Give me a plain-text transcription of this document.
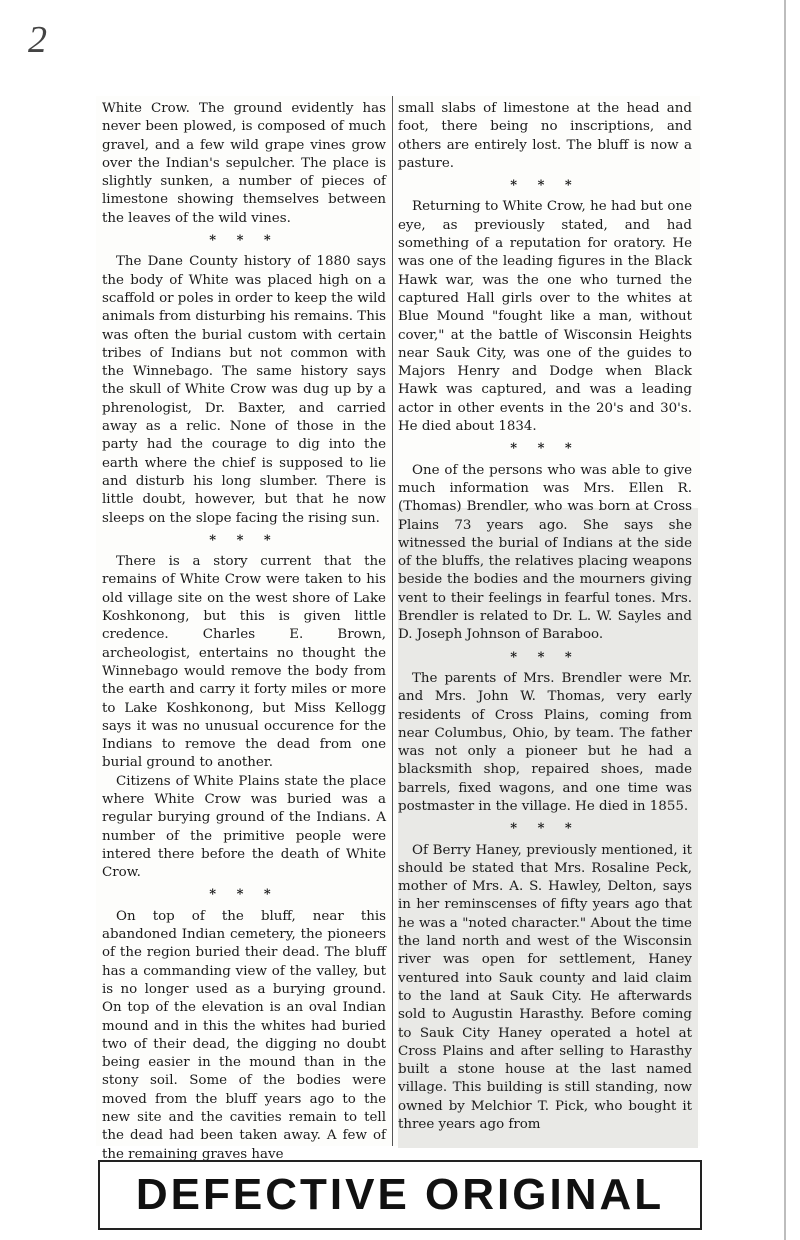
2

White Crow. The ground evidently has never been plowed, is composed of much gravel, and a few wild grape vines grow over the Indian's sepulcher. The place is slightly sunken, a number of pieces of limestone showing themselves between the leaves of the wild vines.

* * *

The Dane County history of 1880 says the body of White was placed high on a scaffold or poles in order to keep the wild animals from disturbing his remains. This was often the burial custom with certain tribes of Indians but not common with the Winnebago. The same history says the skull of White Crow was dug up by a phrenologist, Dr. Baxter, and carried away as a relic. None of those in the party had the courage to dig into the earth where the chief is supposed to lie and disturb his long slumber. There is little doubt, however, but that he now sleeps on the slope facing the rising sun.

* * *

There is a story current that the remains of White Crow were taken to his old village site on the west shore of Lake Koshkonong, but this is given little credence. Charles E. Brown, archeologist, entertains no thought the Winnebago would remove the body from the earth and carry it forty miles or more to Lake Koshkonong, but Miss Kellogg says it was no unusual occurence for the Indians to remove the dead from one burial ground to another.

Citizens of White Plains state the place where White Crow was buried was a regular burying ground of the Indians. A number of the primitive people were intered there before the death of White Crow.

* * *

On top of the bluff, near this abandoned Indian cemetery, the pioneers of the region buried their dead. The bluff has a commanding view of the valley, but is no longer used as a burying ground. On top of the elevation is an oval Indian mound and in this the whites had buried two of their dead, the digging no doubt being easier in the mound than in the stony soil. Some of the bodies were moved from the bluff years ago to the new site and the cavities remain to tell the dead had been taken away. A few of the remaining graves have

small slabs of limestone at the head and foot, there being no inscriptions, and others are entirely lost. The bluff is now a pasture.

* * *

Returning to White Crow, he had but one eye, as previously stated, and had something of a reputation for oratory. He was one of the leading figures in the Black Hawk war, was the one who turned the captured Hall girls over to the whites at Blue Mound "fought like a man, without cover," at the battle of Wisconsin Heights near Sauk City, was one of the guides to Majors Henry and Dodge when Black Hawk was captured, and was a leading actor in other events in the 20's and 30's. He died about 1834.

* * *

One of the persons who was able to give much information was Mrs. Ellen R. (Thomas) Brendler, who was born at Cross Plains 73 years ago. She says she witnessed the burial of Indians at the side of the bluffs, the relatives placing weapons beside the bodies and the mourners giving vent to their feelings in fearful tones. Mrs. Brendler is related to Dr. L. W. Sayles and D. Joseph Johnson of Baraboo.

* * *

The parents of Mrs. Brendler were Mr. and Mrs. John W. Thomas, very early residents of Cross Plains, coming from near Columbus, Ohio, by team. The father was not only a pioneer but he had a blacksmith shop, repaired shoes, made barrels, fixed wagons, and one time was postmaster in the village. He died in 1855.

* * *

Of Berry Haney, previously mentioned, it should be stated that Mrs. Rosaline Peck, mother of Mrs. A. S. Hawley, Delton, says in her reminscenses of fifty years ago that he was a "noted character." About the time the land north and west of the Wisconsin river was open for settlement, Haney ventured into Sauk county and laid claim to the land at Sauk City. He afterwards sold to Augustin Harasthy. Before coming to Sauk City Haney operated a hotel at Cross Plains and after selling to Harasthy built a stone house at the last named village. This building is still standing, now owned by Melchior T. Pick, who bought it three years ago from

DEFECTIVE ORIGINAL
